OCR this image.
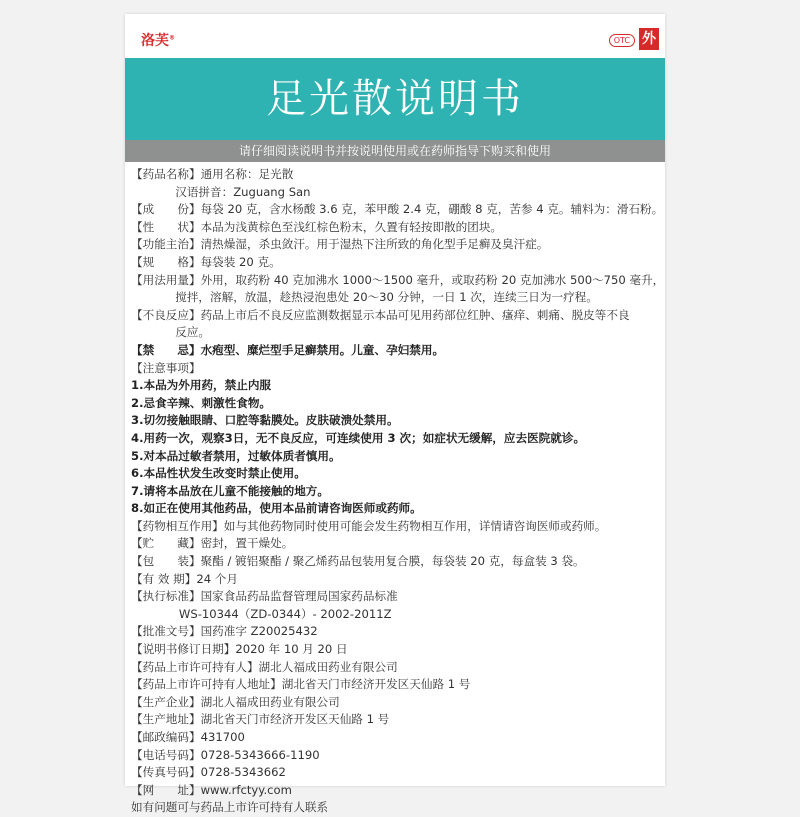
洛芙®	OTC 外
足光散说明书
请仔细阅读说明书并按说明使用或在药师指导下购买和使用
【药品名称】 通用名称：足光散

汉语拼音：Zuguang San
【成　　份】 每袋 20 克，含水杨酸 3.6 克，苯甲酸 2.4 克，硼酸 8 克，苦参 4 克。辅料为：滑石粉。
【性　　状】 本品为浅黄棕色至浅红棕色粉末，久置有轻按即散的团块。
【功能主治】 清热燥湿，杀虫敛汗。用于湿热下注所致的角化型手足癣及臭汗症。
【规　　格】 每袋装 20 克。
【用法用量】 外用，取药粉 40 克加沸水 1000～1500 毫升，或取药粉 20 克加沸水 500～750 毫升，

搅拌，溶解，放温，趁热浸泡患处 20～30 分钟，一日 1 次，连续三日为一疗程。
【不良反应】 药品上市后不良反应监测数据显示本品可见用药部位红肿、瘙痒、刺痛、脱皮等不良

反应。
【禁　　忌】 水疱型、糜烂型手足癣禁用。儿童、孕妇禁用。
【注意事项】
1.本品为外用药，禁止内服
2.忌食辛辣、刺激性食物。
3.切勿接触眼睛、口腔等黏膜处。皮肤破溃处禁用。
4.用药一次，观察3日，无不良反应，可连续使用 3 次；如症状无缓解，应去医院就诊。
5.对本品过敏者禁用，过敏体质者慎用。
6.本品性状发生改变时禁止使用。
7.请将本品放在儿童不能接触的地方。
8.如正在使用其他药品，使用本品前请咨询医师或药师。
【药物相互作用】 如与其他药物同时使用可能会发生药物相互作用，详情请咨询医师或药师。
【贮　　藏】 密封，置干燥处。
【包　　装】 聚酯 / 镀铝聚酯 / 聚乙烯药品包装用复合膜，每袋装 20 克，每盒装 3 袋。
【有 效 期】 24 个月
【执行标准】 国家食品药品监督管理局国家药品标准

WS-10344（ZD-0344）- 2002-2011Z
【批准文号】 国药准字 Z20025432
【说明书修订日期】 2020 年 10 月 20 日
【药品上市许可持有人】 湖北人福成田药业有限公司
【药品上市许可持有人地址】 湖北省天门市经济开发区天仙路 1 号
【生产企业】 湖北人福成田药业有限公司
【生产地址】 湖北省天门市经济开发区天仙路 1 号
【邮政编码】 431700
【电话号码】 0728-5343666-1190
【传真号码】 0728-5343662
【网　　址】 www.rfctyy.com
如有问题可与药品上市许可持有人联系
